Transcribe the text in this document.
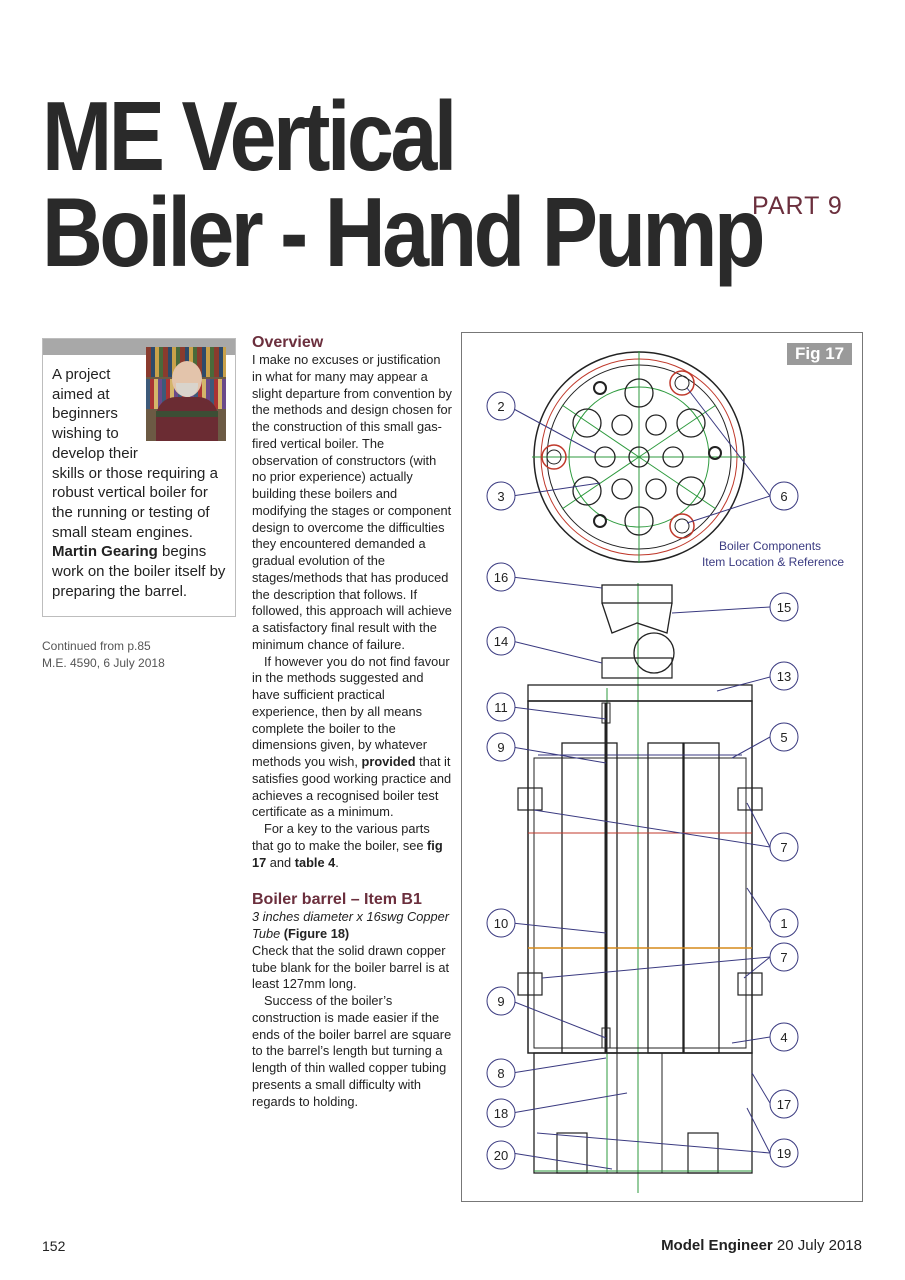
ME Vertical
Boiler - Hand Pump
PART 9

A project
aimed at
beginners
wishing to
develop their
skills or those requiring a robust vertical boiler for the running or testing of small steam engines. Martin Gearing begins work on the boiler itself by preparing the barrel.

Continued from p.85
M.E. 4590, 6 July 2018
Overview

I make no excuses or justification in what for many may appear a slight departure from convention by the methods and design chosen for the construction of this small gas-fired vertical boiler. The observation of constructors (with no prior experience) actually building these boilers and modifying the stages or component design to overcome the difficulties they encountered demanded a gradual evolution of the stages/methods that has produced the description that follows. If followed, this approach will achieve a satisfactory final result with the minimum chance of failure.

If however you do not find favour in the methods suggested and have sufficient practical experience, then by all means complete the boiler to the dimensions given, by whatever methods you wish, provided that it satisfies good working practice and achieves a recognised boiler test certificate as a minimum.

For a key to the various parts that go to make the boiler, see fig 17 and table 4.

Boiler barrel – Item B1

3 inches diameter x 16swg Copper Tube (Figure 18)

Check that the solid drawn copper tube blank for the boiler barrel is at least 127mm long.

Success of the boiler’s construction is made easier if the ends of the boiler barrel are square to the barrel’s length but turning a length of thin walled copper tubing presents a small difficulty with regards to holding.

Boiler Components
Item Location & Reference
2
3
16
14
11
9
10
9
8
18
20
6
15
13
5
7
1
7
4
17
19
Fig 17
152	Model Engineer 20 July 2018
